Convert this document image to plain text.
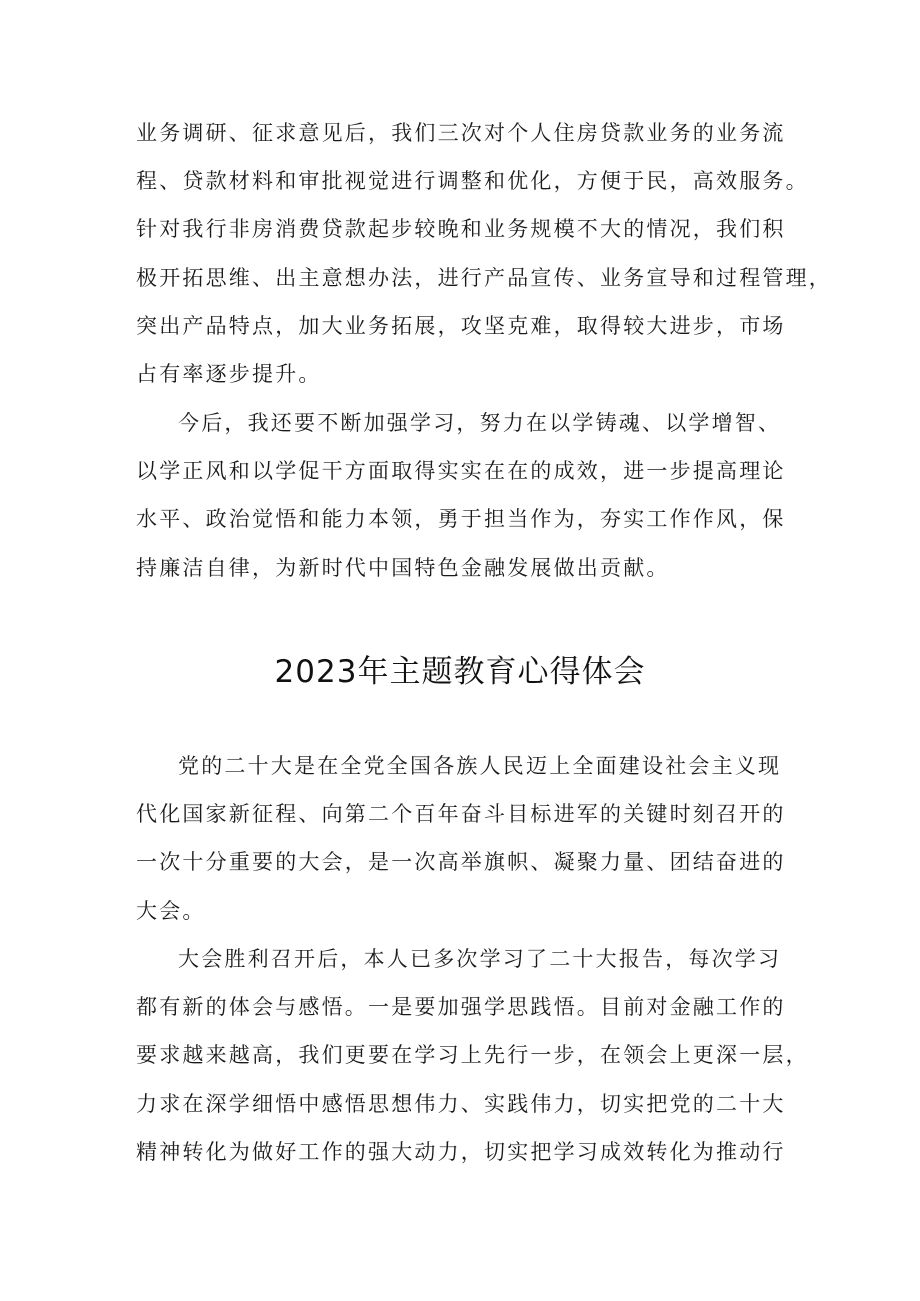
业务调研、征求意见后，我们三次对个人住房贷款业务的业务流
程、贷款材料和审批视觉进行调整和优化，方便于民，高效服务。
针对我行非房消费贷款起步较晚和业务规模不大的情况，我们积
极开拓思维、出主意想办法，进行产品宣传、业务宣导和过程管理，
突出产品特点，加大业务拓展，攻坚克难，取得较大进步，市场
占有率逐步提升。
今后，我还要不断加强学习，努力在以学铸魂、以学增智、
以学正风和以学促干方面取得实实在在的成效，进一步提高理论
水平、政治觉悟和能力本领，勇于担当作为，夯实工作作风，保
持廉洁自律，为新时代中国特色金融发展做出贡献。
2023年主题教育心得体会
党的二十大是在全党全国各族人民迈上全面建设社会主义现
代化国家新征程、向第二个百年奋斗目标进军的关键时刻召开的
一次十分重要的大会，是一次高举旗帜、凝聚力量、团结奋进的
大会。
大会胜利召开后，本人已多次学习了二十大报告，每次学习
都有新的体会与感悟。一是要加强学思践悟。目前对金融工作的
要求越来越高，我们更要在学习上先行一步，在领会上更深一层，
力求在深学细悟中感悟思想伟力、实践伟力，切实把党的二十大
精神转化为做好工作的强大动力，切实把学习成效转化为推动行
